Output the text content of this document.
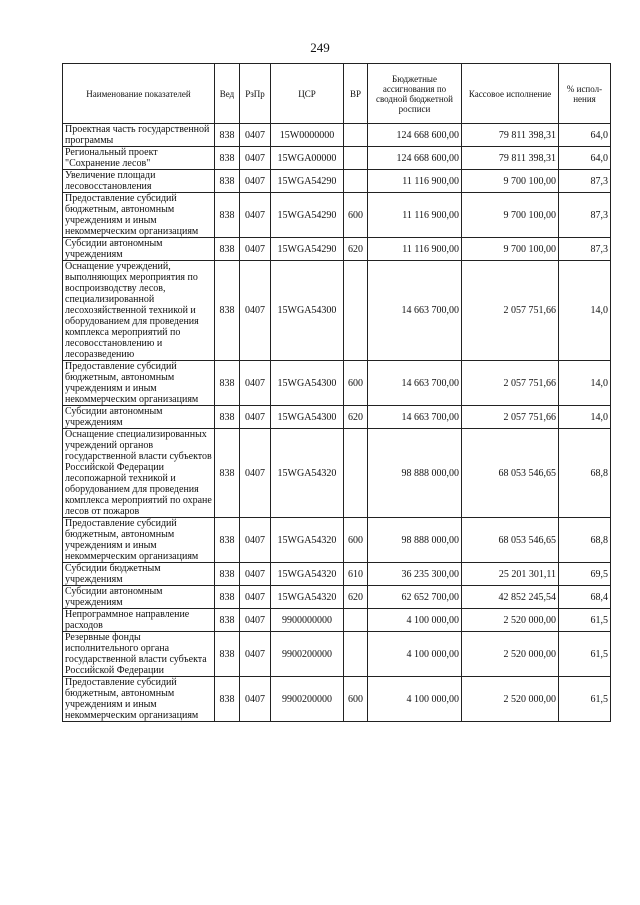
249
Наименование показателей	Вед	РзПр	ЦСР	ВР	Бюджетные ассигнования по сводной бюджетной росписи	Кассовое исполнение	% испол-нения
Проектная часть государственной программы	838	0407	15W0000000		124 668 600,00	79 811 398,31	64,0
Региональный проект "Сохранение лесов"	838	0407	15WGA00000		124 668 600,00	79 811 398,31	64,0
Увеличение площади лесовосстановления	838	0407	15WGA54290		11 116 900,00	9 700 100,00	87,3
Предоставление субсидий бюджетным, автономным учреждениям и иным некоммерческим организациям	838	0407	15WGA54290	600	11 116 900,00	9 700 100,00	87,3
Субсидии автономным учреждениям	838	0407	15WGA54290	620	11 116 900,00	9 700 100,00	87,3
Оснащение учреждений, выполняющих мероприятия по воспроизводству лесов, специализированной лесохозяйственной техникой и оборудованием для проведения комплекса мероприятий по лесовосстановлению и лесоразведению	838	0407	15WGA54300		14 663 700,00	2 057 751,66	14,0
Предоставление субсидий бюджетным, автономным учреждениям и иным некоммерческим организациям	838	0407	15WGA54300	600	14 663 700,00	2 057 751,66	14,0
Субсидии автономным учреждениям	838	0407	15WGA54300	620	14 663 700,00	2 057 751,66	14,0
Оснащение специализированных учреждений органов государственной власти субъектов Российской Федерации лесопожарной техникой и оборудованием для проведения комплекса мероприятий по охране лесов от пожаров	838	0407	15WGA54320		98 888 000,00	68 053 546,65	68,8
Предоставление субсидий бюджетным, автономным учреждениям и иным некоммерческим организациям	838	0407	15WGA54320	600	98 888 000,00	68 053 546,65	68,8
Субсидии бюджетным учреждениям	838	0407	15WGA54320	610	36 235 300,00	25 201 301,11	69,5
Субсидии автономным учреждениям	838	0407	15WGA54320	620	62 652 700,00	42 852 245,54	68,4
Непрограммное направление расходов	838	0407	9900000000		4 100 000,00	2 520 000,00	61,5
Резервные фонды исполнительного органа государственной власти субъекта Российской Федерации	838	0407	9900200000		4 100 000,00	2 520 000,00	61,5
Предоставление субсидий бюджетным, автономным учреждениям и иным некоммерческим организациям	838	0407	9900200000	600	4 100 000,00	2 520 000,00	61,5
